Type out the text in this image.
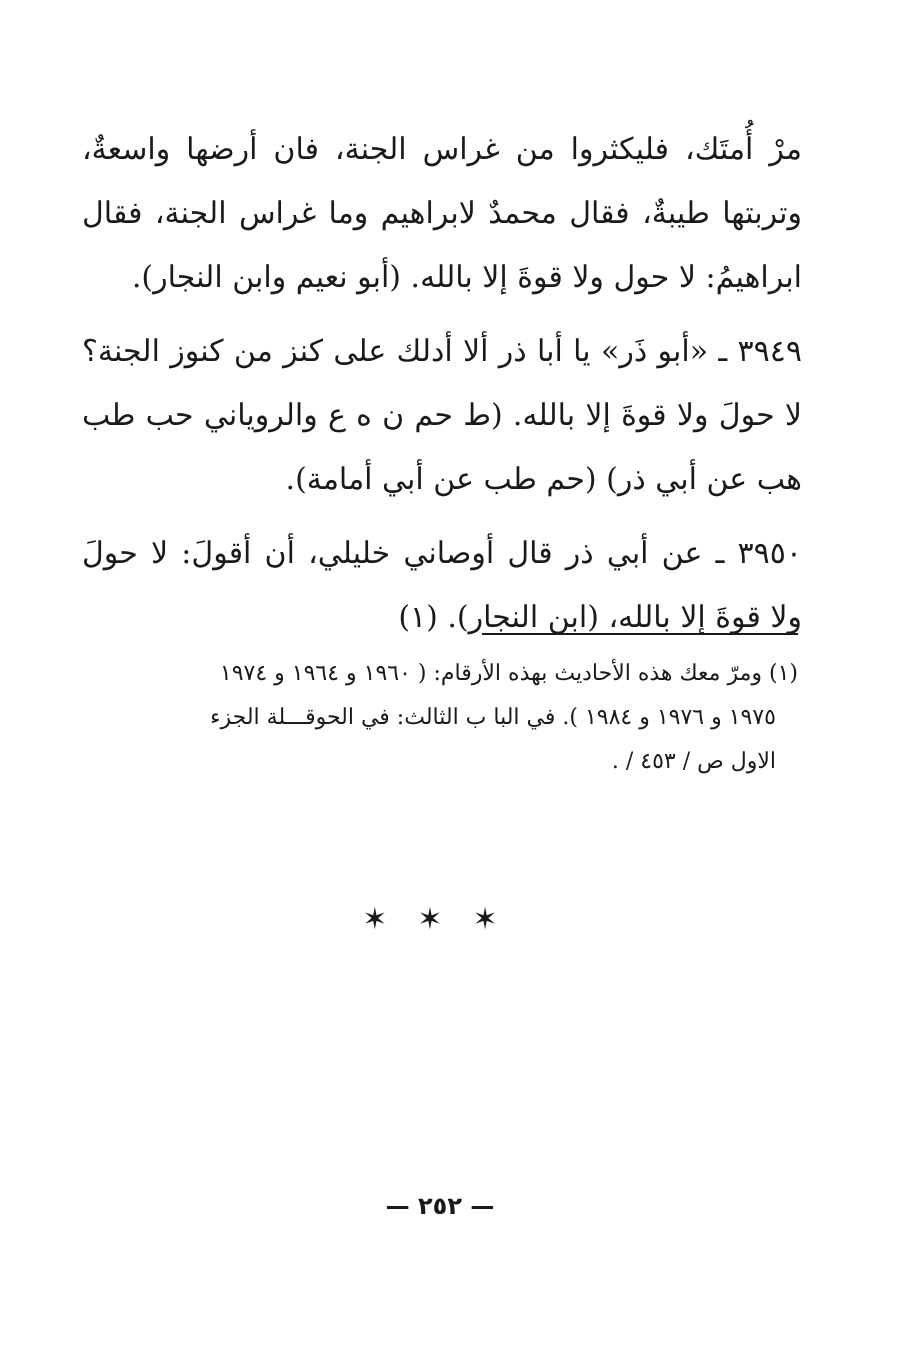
مرْ أُمتَك، فليكثروا من غراس الجنة، فان أرضها واسعةٌ، وتربتها طيبةٌ، فقال محمدٌ لابراهيم وما غراس الجنة، فقال ابراهيمُ: لا حول ولا قوةَ إلا بالله. (أبو نعيم وابن النجار).

٣٩٤٩ ـ «أبو ذَر» يا أبا ذر ألا أدلك على كنز من كنوز الجنة؟ لا حولَ ولا قوةَ إلا بالله. (ط حم ن ه ع والروياني حب طب هب عن أبي ذر) (حم طب عن أبي أمامة).

٣٩٥٠ ـ عن أبي ذر قال أوصاني خليلي، أن أقولَ: لا حولَ ولا قوةَ إلا بالله، (ابن النجار). (١)

(١) ومرّ معك هذه الأحاديث بهذه الأرقام: ( ١٩٦٠ و ١٩٦٤ و ١٩٧٤

١٩٧٥ و ١٩٧٦ و ١٩٨٤ ). في البا ب الثالث: في الحوقـــلة الجزء

الاول ص / ٤٥٣ / .

✶✶✶
— ٢٥٢ —
